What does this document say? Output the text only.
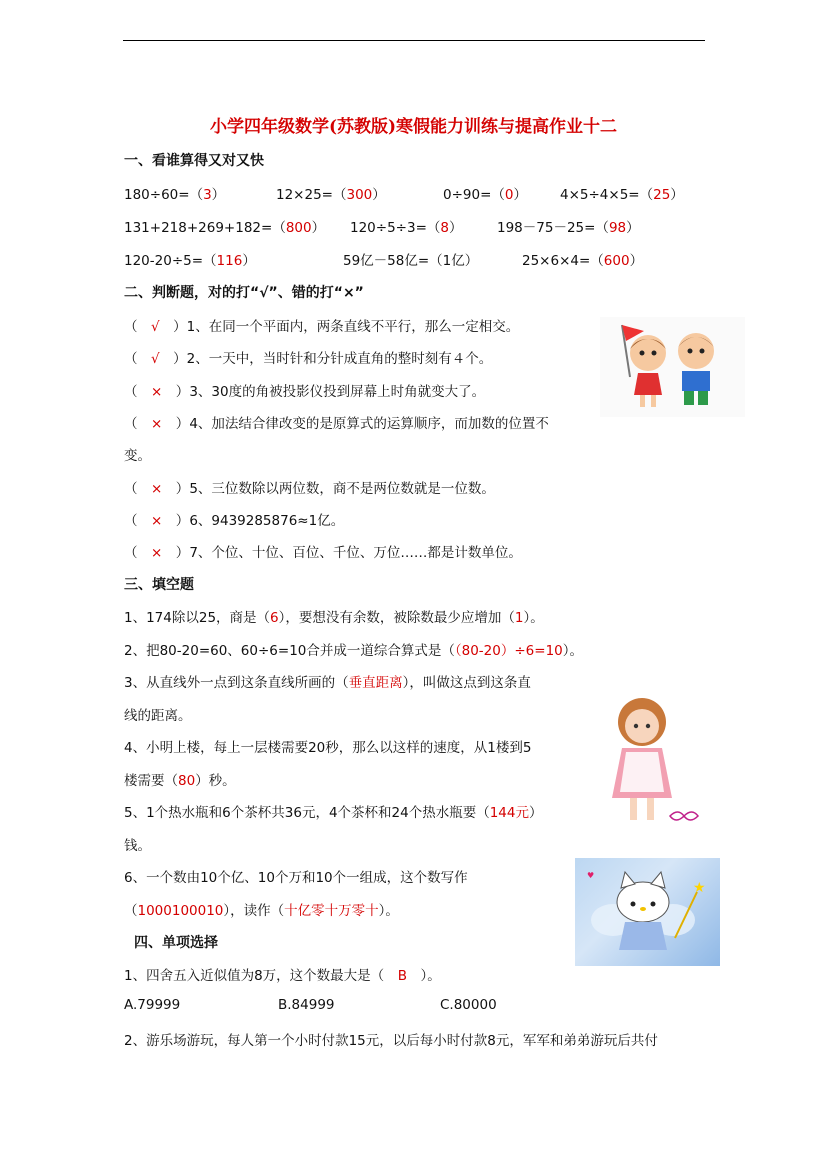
小学四年级数学(苏教版)寒假能力训练与提高作业十二
一、看谁算得又对又快
180÷60=（3）	12×25=（300）	0÷90=（0） 4×5÷4×5=（25）
131+218+269+182=（800） 120÷5÷3=（8）	198－75－25=（98）
120-20÷5=（116）	59亿－58亿=（1亿）	25×6×4=（600）
二、判断题，对的打“√”、错的打“×”
（　√　）1、在同一个平面内，两条直线不平行，那么一定相交。
（　√　）2、一天中，当时针和分针成直角的整时刻有４个。
（　×　）3、30度的角被投影仪投到屏幕上时角就变大了。
（　×　）4、加法结合律改变的是原算式的运算顺序，而加数的位置不
变。
（　×　）5、三位数除以两位数，商不是两位数就是一位数。
（　×　）6、9439285876≈1亿。
（　×　）7、个位、十位、百位、千位、万位……都是计数单位。
三、填空题
1、174除以25，商是（6），要想没有余数，被除数最少应增加（1）。
2、把80-20=60、60÷6=10合并成一道综合算式是（（80-20）÷6=10）。
3、从直线外一点到这条直线所画的（垂直距离），叫做这点到这条直
线的距离。
4、小明上楼，每上一层楼需要20秒，那么以这样的速度，从1楼到5
楼需要（80）秒。
5、1个热水瓶和6个茶杯共36元，4个茶杯和24个热水瓶要（144元）
钱。
6、一个数由10个亿、10个万和10个一组成，这个数写作
（1000100010），读作（十亿零十万零十）。
★
♥
四、单项选择
1、四舍五入近似值为8万，这个数最大是（　 B　 ）。
A.79999	B.84999	C.80000
2、游乐场游玩，每人第一个小时付款15元，以后每小时付款8元，军军和弟弟游玩后共付
